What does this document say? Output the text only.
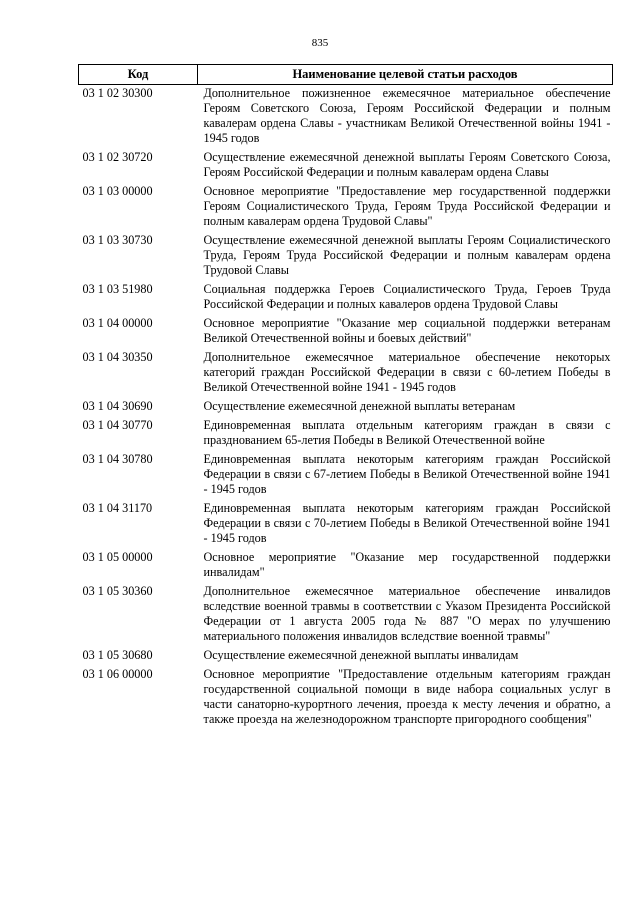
835
Код	Наименование целевой статьи расходов
03 1 02 30300	Дополнительное пожизненное ежемесячное материальное обеспечение Героям Советского Союза, Героям Российской Федерации и полным кавалерам ордена Славы - участникам Великой Отечественной войны 1941 - 1945 годов
03 1 02 30720	Осуществление ежемесячной денежной выплаты Героям Советского Союза, Героям Российской Федерации и полным кавалерам ордена Славы
03 1 03 00000	Основное мероприятие "Предоставление мер государственной поддержки Героям Социалистического Труда, Героям Труда Российской Федерации и полным кавалерам ордена Трудовой Славы"
03 1 03 30730	Осуществление ежемесячной денежной выплаты Героям Социалистического Труда, Героям Труда Российской Федерации и полным кавалерам ордена Трудовой Славы
03 1 03 51980	Социальная поддержка Героев Социалистического Труда, Героев Труда Российской Федерации и полных кавалеров ордена Трудовой Славы
03 1 04 00000	Основное мероприятие "Оказание мер социальной поддержки ветеранам Великой Отечественной войны и боевых действий"
03 1 04 30350	Дополнительное ежемесячное материальное обеспечение некоторых категорий граждан Российской Федерации в связи с 60-летием Победы в Великой Отечественной войне 1941 - 1945 годов
03 1 04 30690	Осуществление ежемесячной денежной выплаты ветеранам
03 1 04 30770	Единовременная выплата отдельным категориям граждан в связи с празднованием 65-летия Победы в Великой Отечественной войне
03 1 04 30780	Единовременная выплата некоторым категориям граждан Российской Федерации в связи с 67-летием Победы в Великой Отечественной войне 1941 - 1945 годов
03 1 04 31170	Единовременная выплата некоторым категориям граждан Российской Федерации в связи с 70-летием Победы в Великой Отечественной войне 1941 - 1945 годов
03 1 05 00000	Основное мероприятие "Оказание мер государственной поддержки инвалидам"
03 1 05 30360	Дополнительное ежемесячное материальное обеспечение инвалидов вследствие военной травмы в соответствии с Указом Президента Российской Федерации от 1 августа 2005 года № 887 "О мерах по улучшению материального положения инвалидов вследствие военной травмы"
03 1 05 30680	Осуществление ежемесячной денежной выплаты инвалидам
03 1 06 00000	Основное мероприятие "Предоставление отдельным категориям граждан государственной социальной помощи в виде набора социальных услуг в части санаторно-курортного лечения, проезда к месту лечения и обратно, а также проезда на железнодорожном транспорте пригородного сообщения"
